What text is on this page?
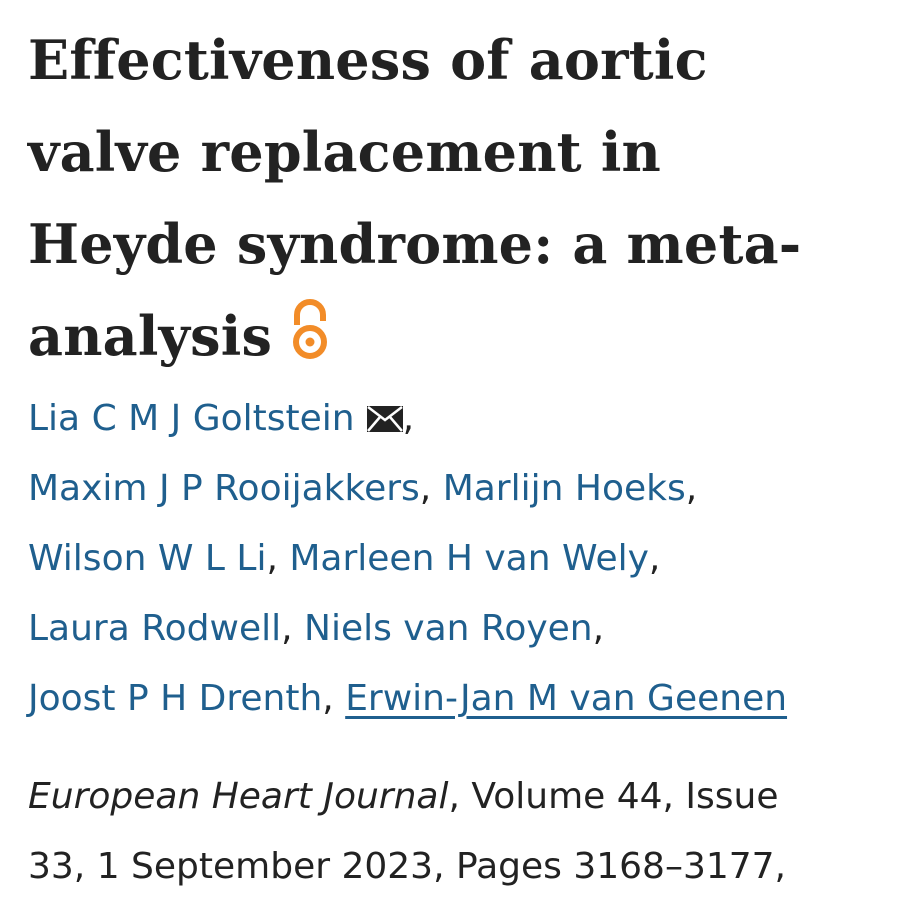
Effectiveness of aortic
valve replacement in
Heyde syndrome: a meta-
analysis
Lia C M J Goltstein ,
Maxim J P Rooijakkers, Marlijn Hoeks,
Wilson W L Li, Marleen H van Wely,
Laura Rodwell, Niels van Royen,
Joost P H Drenth, Erwin-Jan M van Geenen
European Heart Journal, Volume 44, Issue
33, 1 September 2023, Pages 3168–3177,
